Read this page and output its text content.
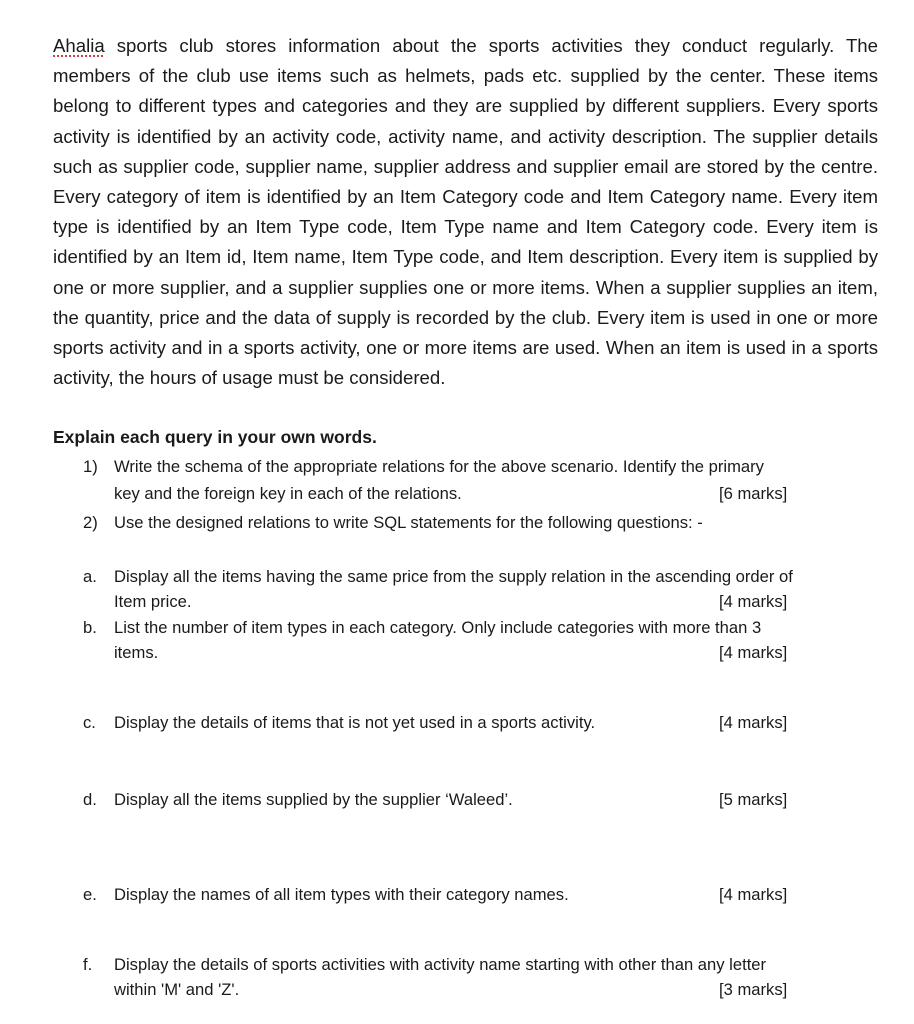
Ahalia sports club stores information about the sports activities they conduct regularly. The members of the club use items such as helmets, pads etc. supplied by the center. These items belong to different types and categories and they are supplied by different suppliers. Every sports activity is identified by an activity code, activity name, and activity description. The supplier details such as supplier code, supplier name, supplier address and supplier email are stored by the centre. Every category of item is identified by an Item Category code and Item Category name. Every item type is identified by an Item Type code, Item Type name and Item Category code. Every item is identified by an Item id, Item name, Item Type code, and Item description. Every item is supplied by one or more supplier, and a supplier supplies one or more items. When a supplier supplies an item, the quantity, price and the data of supply is recorded by the club. Every item is used in one or more sports activity and in a sports activity, one or more items are used. When an item is used in a sports activity, the hours of usage must be considered.

Explain each query in your own words.

1) Write the schema of the appropriate relations for the above scenario. Identify the primary
key and the foreign key in each of the relations.	[6 marks]
2) Use the designed relations to write SQL statements for the following questions: -
a. Display all the items having the same price from the supply relation in the ascending order of
Item price.	[4 marks]
b. List the number of item types in each category. Only include categories with more than 3
items.	[4 marks]
c. Display the details of items that is not yet used in a sports activity.	[4 marks]
d. Display all the items supplied by the supplier ‘Waleed’.	[5 marks]
e. Display the names of all item types with their category names.	[4 marks]
f. Display the details of sports activities with activity name starting with other than any letter
within 'M' and 'Z'.	[3 marks]
